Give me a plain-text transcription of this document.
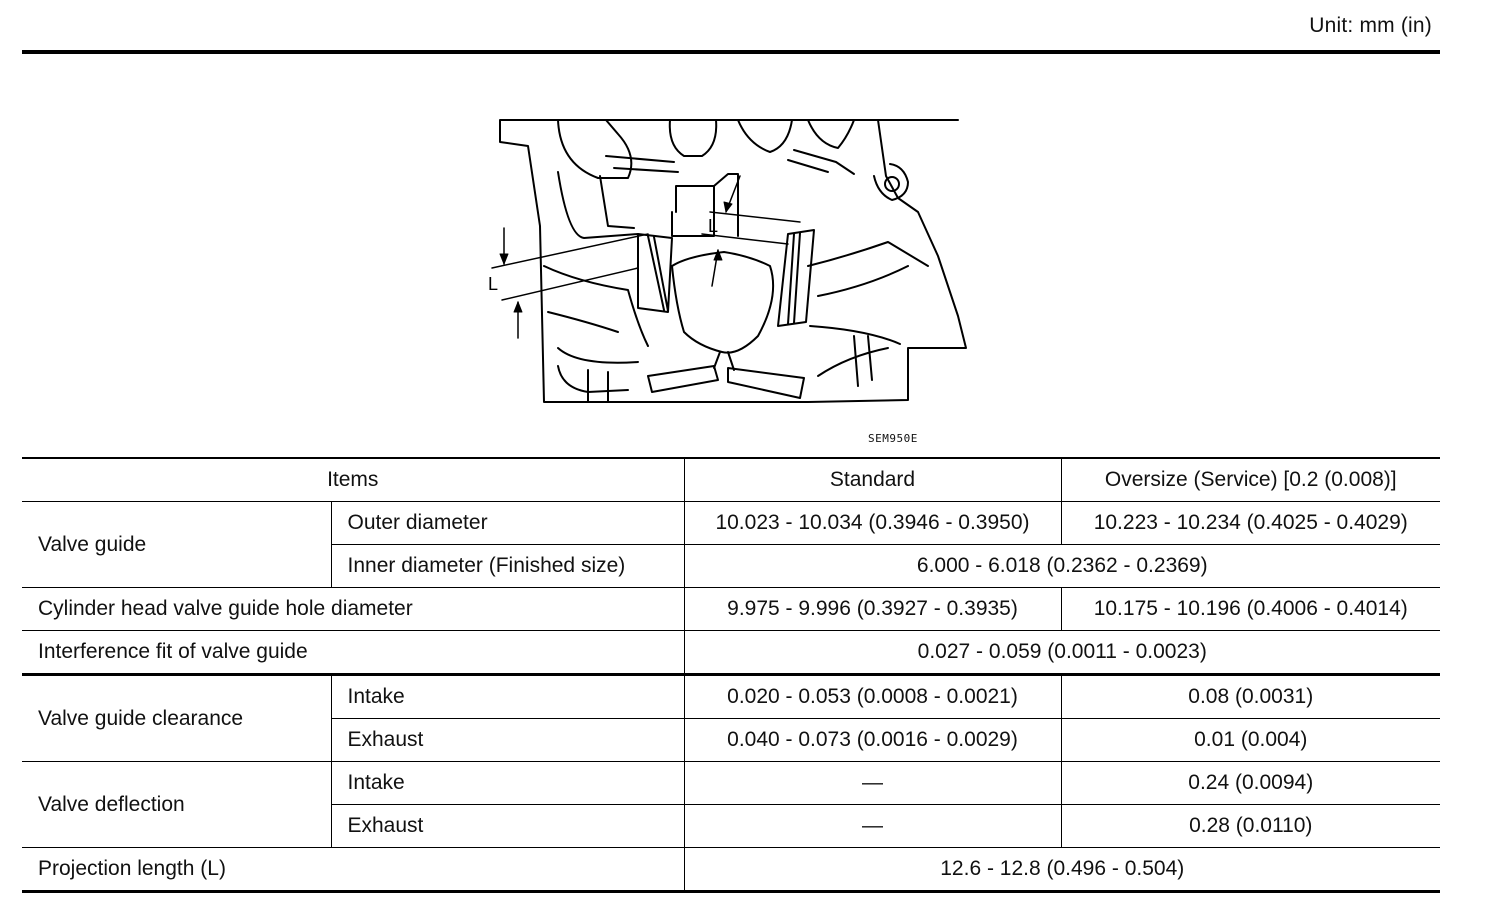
Unit: mm (in)
L
L
SEM950E
Items		Standard	Oversize (Service) [0.2 (0.008)]
Valve guide	Outer diameter	10.023 - 10.034 (0.3946 - 0.3950)	10.223 - 10.234 (0.4025 - 0.4029)
	Inner diameter (Finished size)	6.000 - 6.018 (0.2362 - 0.2369)	
Cylinder head valve guide hole diameter		9.975 - 9.996 (0.3927 - 0.3935)	10.175 - 10.196 (0.4006 - 0.4014)
Interference fit of valve guide		0.027 - 0.059 (0.0011 - 0.0023)	
Valve guide clearance	Intake	0.020 - 0.053 (0.0008 - 0.0021)	0.08 (0.0031)
	Exhaust	0.040 - 0.073 (0.0016 - 0.0029)	0.01 (0.004)
Valve deflection	Intake	—	0.24 (0.0094)
	Exhaust	—	0.28 (0.0110)
Projection length (L)		12.6 - 12.8 (0.496 - 0.504)	
